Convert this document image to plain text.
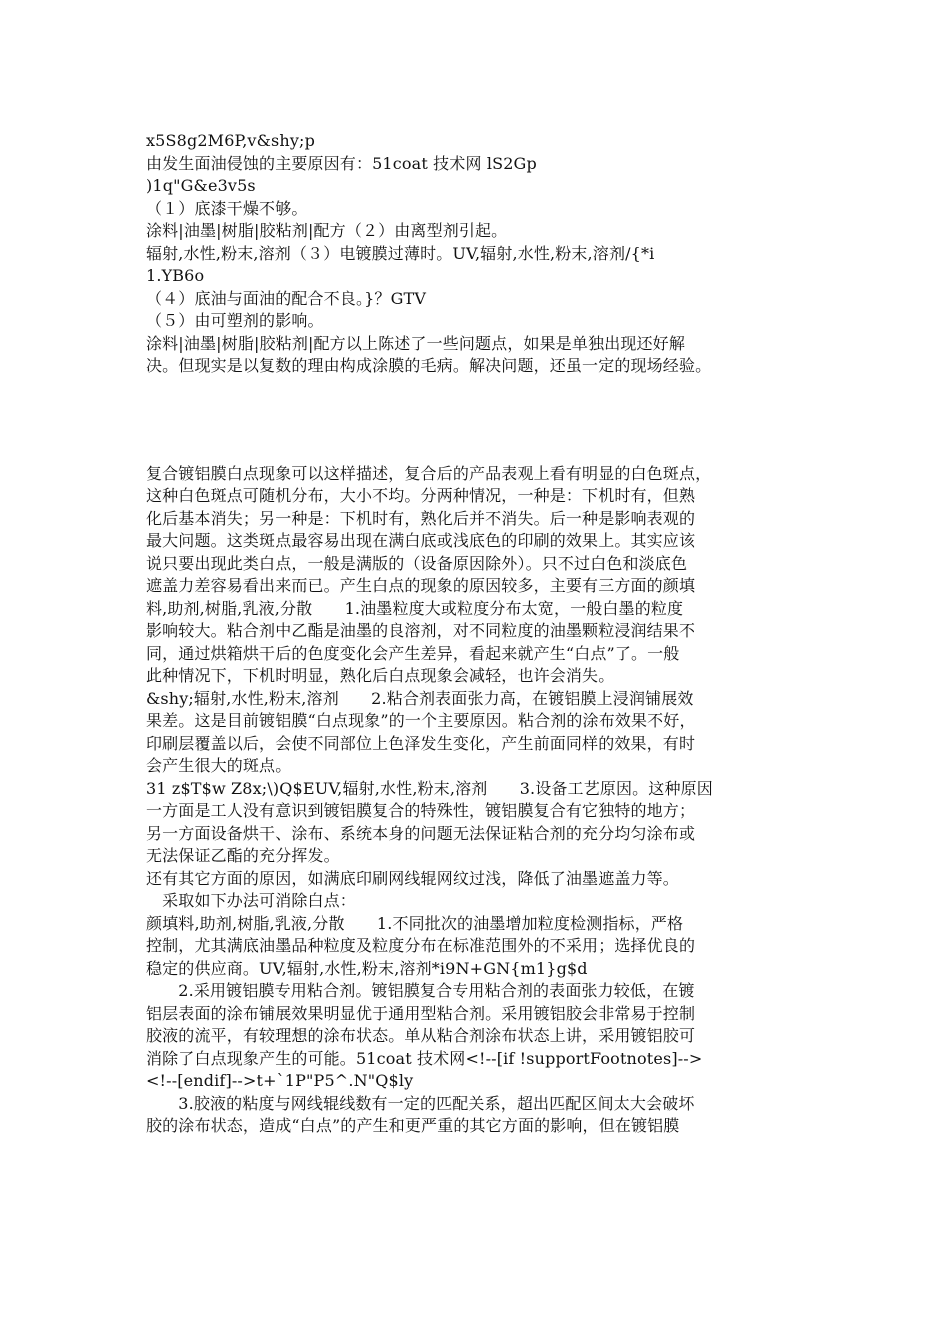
x5S8g2M6P,v&shy;p
由发生面油侵蚀的主要原因有：51coat 技术网 lS2Gp
)1q"G&e3v5s
（１）底漆干燥不够。
涂料|油墨|树脂|胶粘剂|配方（２）由离型剂引起。
辐射,水性,粉末,溶剂（３）电镀膜过薄时。UV,辐射,水性,粉末,溶剂/{*i
1.YB6o
（４）底油与面油的配合不良。}？GTV
（５）由可塑剂的影响。
涂料|油墨|树脂|胶粘剂|配方以上陈述了一些问题点，如果是单独出现还好解
决。但现实是以复数的理由构成涂膜的毛病。解决问题，还虽一定的现场经验。
复合镀铝膜白点现象可以这样描述，复合后的产品表观上看有明显的白色斑点，
这种白色斑点可随机分布，大小不均。分两种情况，一种是：下机时有，但熟
化后基本消失；另一种是：下机时有，熟化后并不消失。后一种是影响表观的
最大问题。这类斑点最容易出现在满白底或浅底色的印刷的效果上。其实应该
说只要出现此类白点，一般是满版的（设备原因除外）。只不过白色和淡底色
遮盖力差容易看出来而已。产生白点的现象的原因较多，主要有三方面的颜填
料,助剂,树脂,乳液,分散　　1.油墨粒度大或粒度分布太宽，一般白墨的粒度
影响较大。粘合剂中乙酯是油墨的良溶剂，对不同粒度的油墨颗粒浸润结果不
同，通过烘箱烘干后的色度变化会产生差异，看起来就产生“白点”了。一般
此种情况下，下机时明显，熟化后白点现象会减轻，也许会消失。
&shy;辐射,水性,粉末,溶剂　　2.粘合剂表面张力高，在镀铝膜上浸润铺展效
果差。这是目前镀铝膜“白点现象”的一个主要原因。粘合剂的涂布效果不好，
印刷层覆盖以后，会使不同部位上色泽发生变化，产生前面同样的效果，有时
会产生很大的斑点。
31 z$T$w Z8x;\)Q$EUV,辐射,水性,粉末,溶剂　　3.设备工艺原因。这种原因
一方面是工人没有意识到镀铝膜复合的特殊性，镀铝膜复合有它独特的地方；
另一方面设备烘干、涂布、系统本身的问题无法保证粘合剂的充分均匀涂布或
无法保证乙酯的充分挥发。
还有其它方面的原因，如满底印刷网线辊网纹过浅，降低了油墨遮盖力等。
　采取如下办法可消除白点：
颜填料,助剂,树脂,乳液,分散　　1.不同批次的油墨增加粒度检测指标，严格
控制，尤其满底油墨品种粒度及粒度分布在标准范围外的不采用；选择优良的
稳定的供应商。UV,辐射,水性,粉末,溶剂*i9N+GN{m1}g$d
　　2.采用镀铝膜专用粘合剂。镀铝膜复合专用粘合剂的表面张力较低，在镀
铝层表面的涂布铺展效果明显优于通用型粘合剂。采用镀铝胶会非常易于控制
胶液的流平，有较理想的涂布状态。单从粘合剂涂布状态上讲，采用镀铝胶可
消除了白点现象产生的可能。51coat 技术网<!--[if !supportFootnotes]-->
<!--[endif]-->t+`1P"P5^.N"Q$ly
　　3.胶液的粘度与网线辊线数有一定的匹配关系，超出匹配区间太大会破坏
胶的涂布状态，造成“白点”的产生和更严重的其它方面的影响，但在镀铝膜
